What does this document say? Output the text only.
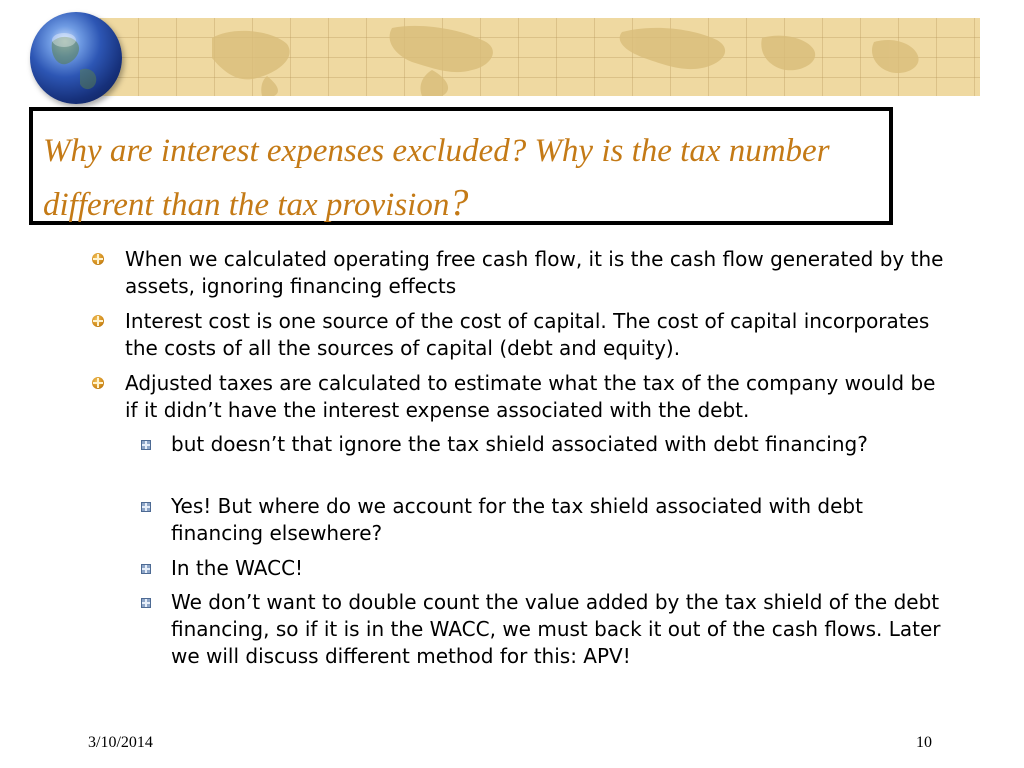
Why are interest expenses excluded? Why is the tax number different than the tax provision?
When we calculated operating free cash flow, it is the cash flow generated by the assets, ignoring financing effects
Interest cost is one source of the cost of capital. The cost of capital incorporates the costs of all the sources of capital (debt and equity).
Adjusted taxes are calculated to estimate what the tax of the company would be if it didn’t have the interest expense associated with the debt.
but doesn’t that ignore the tax shield associated with debt financing?
Yes! But where do we account for the tax shield associated with debt financing elsewhere?
In the WACC!
We don’t want to double count the value added by the tax shield of the debt financing, so if it is in the WACC, we must back it out of the cash flows. Later we will discuss different method for this: APV!
3/10/2014	10
